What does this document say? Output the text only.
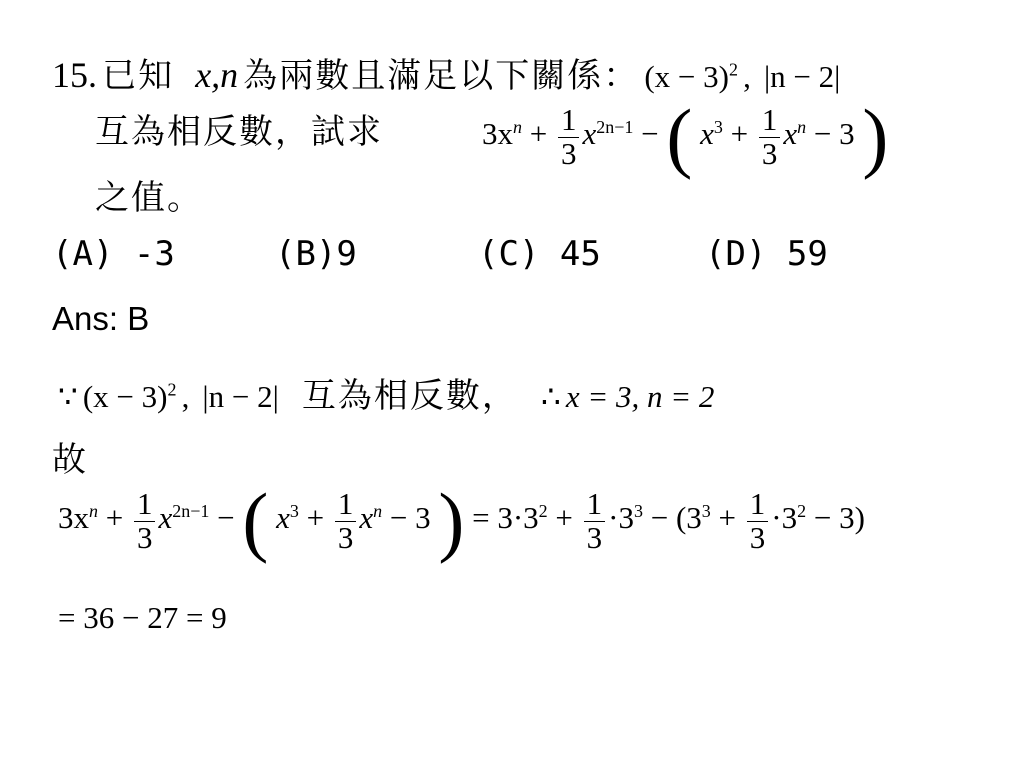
15. 已知 x,n 為兩數且滿足以下關係： $(x - 3)^2$ , |n − 2|
互為相反數，試求	$3x^n + \frac{1}{3} x^{2n-1}$ − ( $x^3 + \frac{1}{3} x^n - 3$ )
之值。
(A) -3	(B)9	(C) 45	(D) 59
Ans: B
∵ $(x - 3)^2$ , |n − 2| 互為相反數， ∴ x = 3, n = 2
故
$3x^n + \frac{1}{3} x^{2n-1}$ − ( $x^3 + \frac{1}{3} x^n - 3$ ) = $3\cdot 3^2 + \frac{1}{3} \cdot 3^3 - (3^3 + \frac{1}{3} \cdot 3^2 - 3)$
= 36 − 27 = 9
